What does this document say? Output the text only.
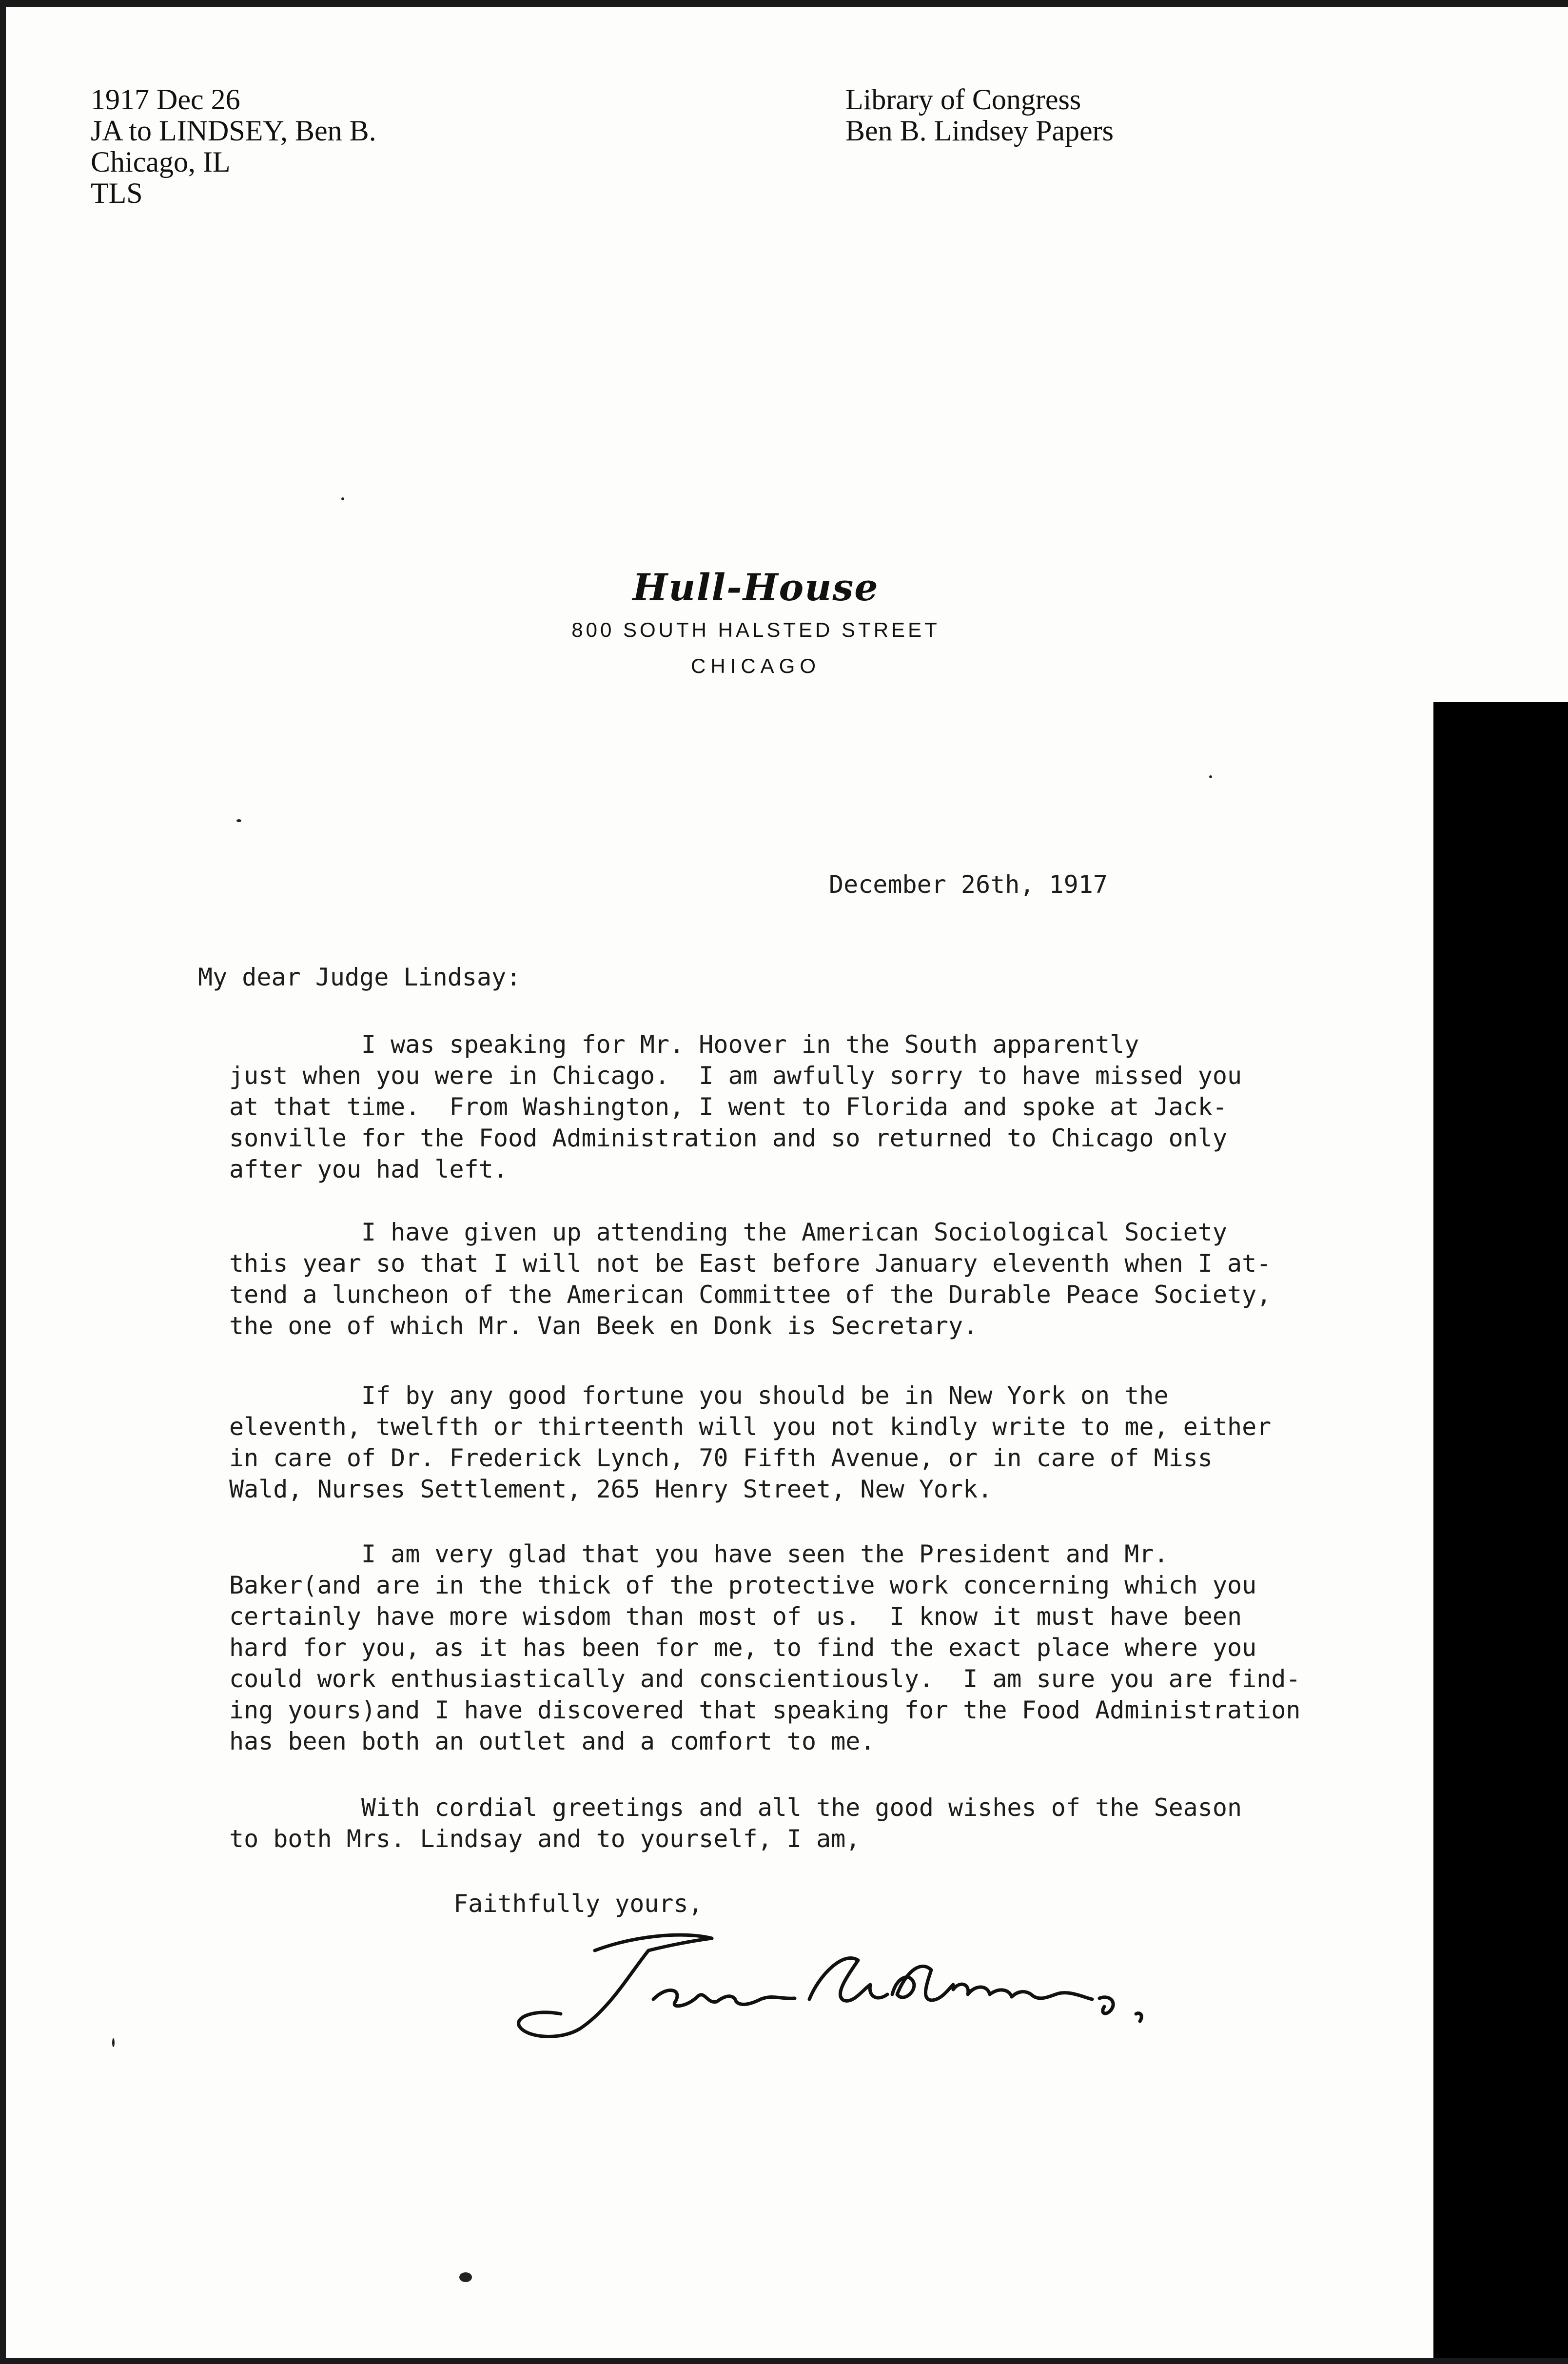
1917 Dec 26
JA to LINDSEY, Ben B.
Chicago, IL
TLS
Library of Congress
Ben B. Lindsey Papers
Hull-House
800 SOUTH HALSTED STREET
CHICAGO
December 26th, 1917
My dear Judge Lindsay:
I was speaking for Mr. Hoover in the South apparently
just when you were in Chicago.  I am awfully sorry to have missed you
at that time.  From Washington, I went to Florida and spoke at Jack-
sonville for the Food Administration and so returned to Chicago only
after you had left.
I have given up attending the American Sociological Society
this year so that I will not be East before January eleventh when I at-
tend a luncheon of the American Committee of the Durable Peace Society,
the one of which Mr. Van Beek en Donk is Secretary.
If by any good fortune you should be in New York on the
eleventh, twelfth or thirteenth will you not kindly write to me, either
in care of Dr. Frederick Lynch, 70 Fifth Avenue, or in care of Miss
Wald, Nurses Settlement, 265 Henry Street, New York.
I am very glad that you have seen the President and Mr.
Baker(and are in the thick of the protective work concerning which you
certainly have more wisdom than most of us.  I know it must have been
hard for you, as it has been for me, to find the exact place where you
could work enthusiastically and conscientiously.  I am sure you are find-
ing yours)and I have discovered that speaking for the Food Administration
has been both an outlet and a comfort to me.
With cordial greetings and all the good wishes of the Season
to both Mrs. Lindsay and to yourself, I am,
Faithfully yours,
